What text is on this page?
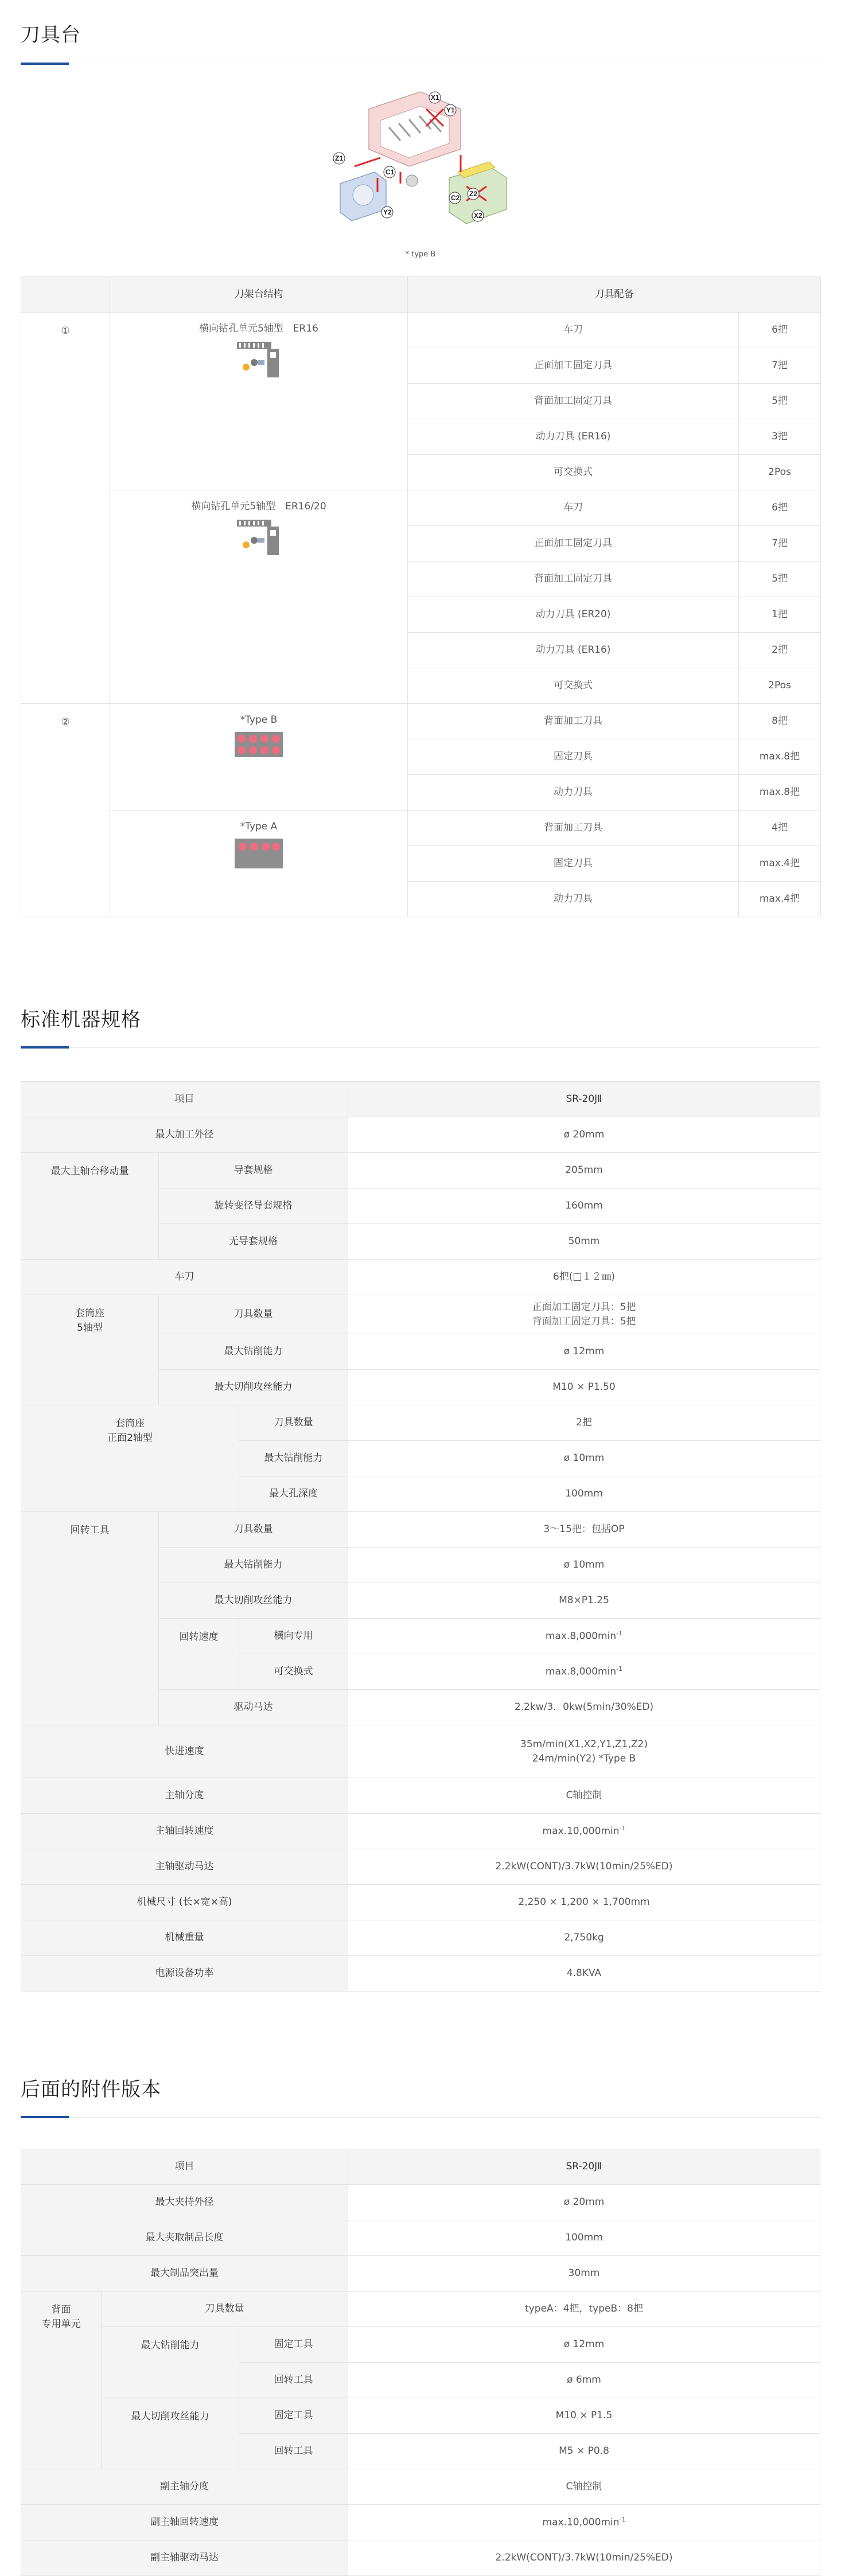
刀具台
X1
Y1
Z1
C1
Y2
C2 Z2
X2
* type B
	刀架台结构	刀具配备	
①	横向钻孔单元5轴型　ER16	车刀	6把
		正面加工固定刀具	7把
		背面加工固定刀具	5把
		动力刀具 (ER16)	3把
		可交换式	2Pos

	横向钻孔单元5轴型　ER16/20	车刀	6把
		正面加工固定刀具	7把
		背面加工固定刀具	5把
		动力刀具 (ER20)	1把
		动力刀具 (ER16)	2把
		可交换式	2Pos
②	*Type B	背面加工刀具	8把
		固定刀具	max.8把
		动力刀具	max.8把

	*Type A	背面加工刀具	4把
		固定刀具	max.4把
		动力刀具	max.4把
标准机器规格
项目			SR-20JⅡ
最大加工外径			ø 20mm
最大主轴台移动量	导套规格		205mm
	旋转变径导套规格		160mm
	无导套规格		50mm
车刀			6把(□１２㎜)
套筒座
5轴型	刀具数量		正面加工固定刀具：5把
背面加工固定刀具：5把
	最大钻削能力		ø 12mm
	最大切削攻丝能力		M10 × P1.50
套筒座
正面2轴型		刀具数量	2把
		最大钻削能力	ø 10mm
		最大孔深度	100mm
回转工具	刀具数量		3～15把：包括OP
	最大钻削能力		ø 10mm
	最大切削攻丝能力		M8×P1.25
	回转速度	横向专用	$\max.8,000\min^{-1}$
		可交换式	$\max.8,000\min^{-1}$
	驱动马达		2.2kw/3．0kw(5min/30%ED)
快进速度			35m/min(X1,X2,Y1,Z1,Z2)
24m/min(Y2) *Type B
主轴分度			C轴控制
主轴回转速度			$\max.10,000\min^{-1}$
主轴驱动马达			2.2kW(CONT)/3.7kW(10min/25%ED)
机械尺寸 (长×宽×高)			2,250 × 1,200 × 1,700mm
机械重量			2,750kg
电源设备功率			4.8KVA
后面的附件版本
项目			SR-20JⅡ
最大夹持外径			ø 20mm
最大夹取制品长度			100mm
最大制品突出量			30mm
背面
专用单元	刀具数量		typeA：4把，typeB：8把
	最大钻削能力	固定工具	ø 12mm
		回转工具	ø 6mm
	最大切削攻丝能力	固定工具	M10 × P1.5
		回转工具	M5 × P0.8
副主轴分度			C轴控制
副主轴回转速度			$\max.10,000\min^{-1}$
副主轴驱动马达			2.2kW(CONT)/3.7kW(10min/25%ED)
